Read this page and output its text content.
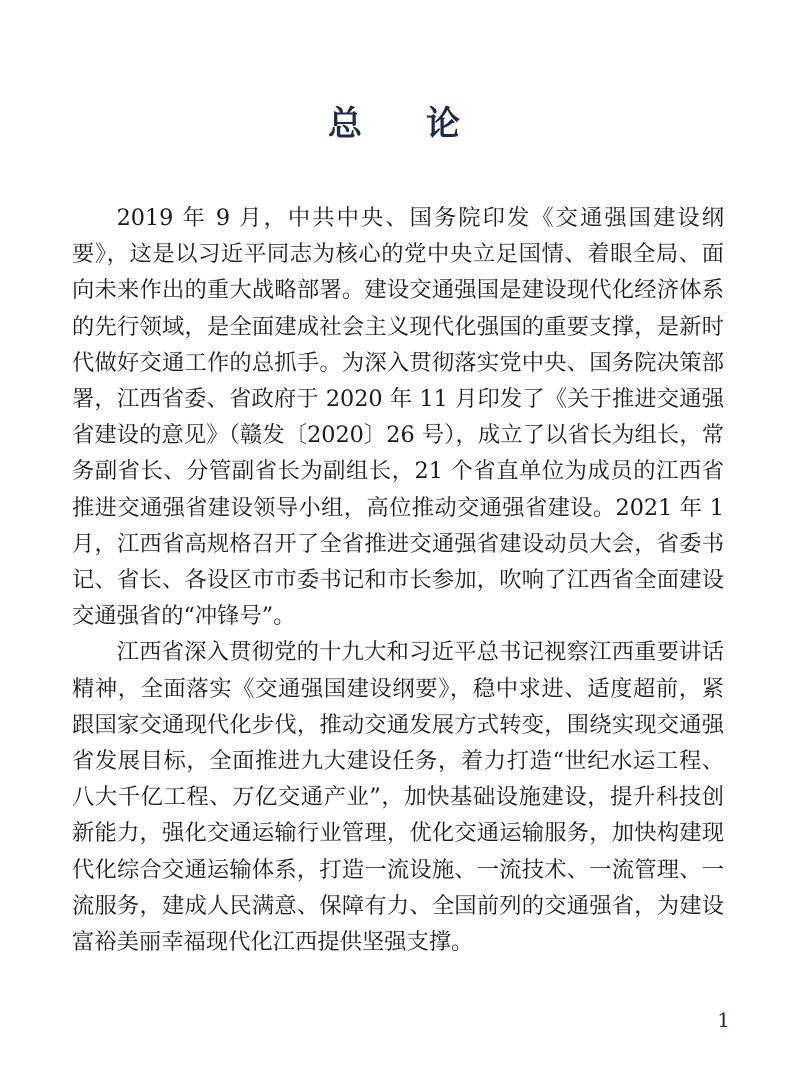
总 论

2019 年 9 月，中共中央、国务院印发《交通强国建设纲要》，这是以习近平同志为核心的党中央立足国情、着眼全局、面向未来作出的重大战略部署。建设交通强国是建设现代化经济体系的先行领域，是全面建成社会主义现代化强国的重要支撑，是新时代做好交通工作的总抓手。为深入贯彻落实党中央、国务院决策部署，江西省委、省政府于 2020 年 11 月印发了《关于推进交通强省建设的意见》（赣发〔2020〕26 号），成立了以省长为组长，常务副省长、分管副省长为副组长，21 个省直单位为成员的江西省推进交通强省建设领导小组，高位推动交通强省建设。2021 年 1 月，江西省高规格召开了全省推进交通强省建设动员大会，省委书记、省长、各设区市市委书记和市长参加，吹响了江西省全面建设交通强省的“冲锋号”。

江西省深入贯彻党的十九大和习近平总书记视察江西重要讲话精神，全面落实《交通强国建设纲要》，稳中求进、适度超前，紧跟国家交通现代化步伐，推动交通发展方式转变，围绕实现交通强省发展目标，全面推进九大建设任务，着力打造“世纪水运工程、八大千亿工程、万亿交通产业”，加快基础设施建设，提升科技创新能力，强化交通运输行业管理，优化交通运输服务，加快构建现代化综合交通运输体系，打造一流设施、一流技术、一流管理、一流服务，建成人民满意、保障有力、全国前列的交通强省，为建设富裕美丽幸福现代化江西提供坚强支撑。

1
